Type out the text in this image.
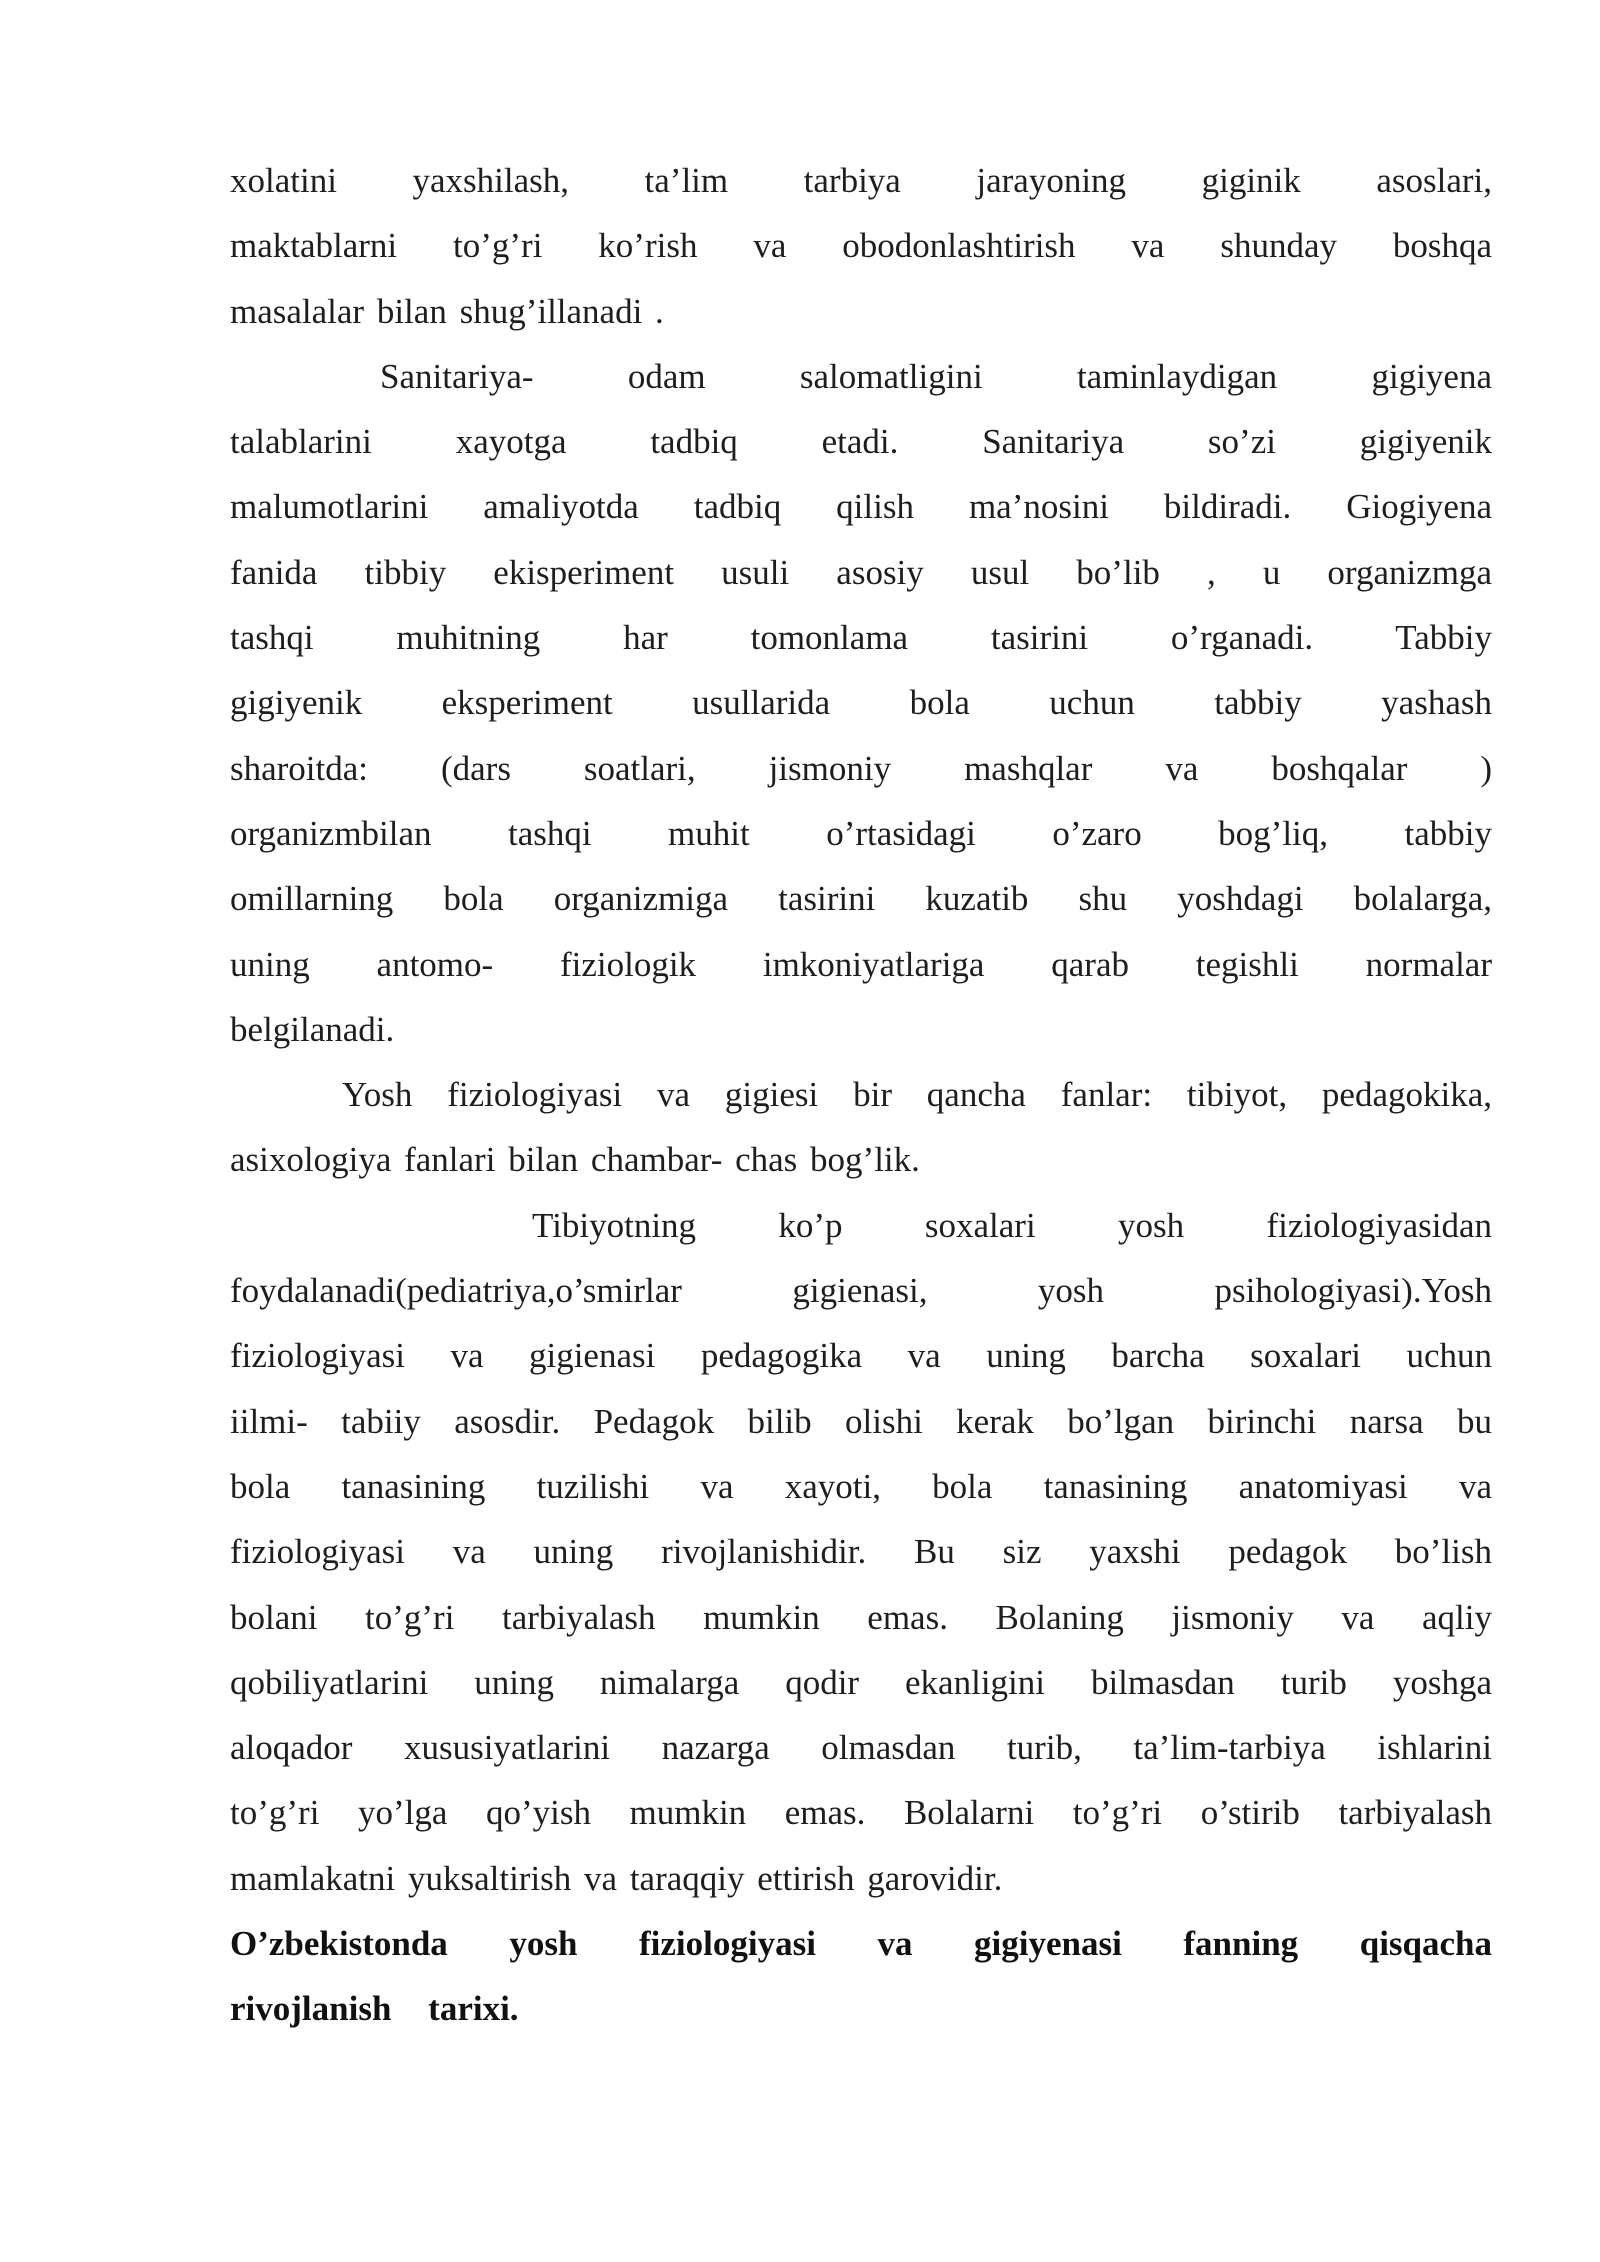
xolatini yaxshilash, ta’lim tarbiya jarayoning giginik asoslari,
maktablarni to’g’ri ko’rish va obodonlashtirish va shunday boshqa
masalalar bilan shug’illanadi .

Sanitariya- odam salomatligini taminlaydigan gigiyena
talablarini xayotga tadbiq etadi. Sanitariya so’zi gigiyenik
malumotlarini amaliyotda tadbiq qilish ma’nosini bildiradi. Giogiyena
fanida tibbiy ekisperiment usuli asosiy usul bo’lib , u organizmga
tashqi muhitning har tomonlama tasirini o’rganadi. Tabbiy
gigiyenik eksperiment usullarida bola uchun tabbiy yashash
sharoitda: (dars soatlari, jismoniy mashqlar va boshqalar )
organizmbilan tashqi muhit o’rtasidagi o’zaro bog’liq, tabbiy
omillarning bola organizmiga tasirini kuzatib shu yoshdagi bolalarga,
uning antomo- fiziologik imkoniyatlariga qarab tegishli normalar
belgilanadi.

Yosh fiziologiyasi va gigiesi bir qancha fanlar: tibiyot, pedagokika,
asixologiya fanlari bilan chambar- chas bog’lik.

Tibiyotning ko’p soxalari yosh fiziologiyasidan
foydalanadi(pediatriya,o’smirlar gigienasi, yosh psihologiyasi).Yosh
fiziologiyasi va gigienasi pedagogika va uning barcha soxalari uchun
iilmi- tabiiy asosdir. Pedagok bilib olishi kerak bo’lgan birinchi narsa bu
bola tanasining tuzilishi va xayoti, bola tanasining anatomiyasi va
fiziologiyasi va uning rivojlanishidir. Bu siz yaxshi pedagok bo’lish
bolani to’g’ri tarbiyalash mumkin emas. Bolaning jismoniy va aqliy
qobiliyatlarini uning nimalarga qodir ekanligini bilmasdan turib yoshga
aloqador xususiyatlarini nazarga olmasdan turib, ta’lim-tarbiya ishlarini
to’g’ri yo’lga qo’yish mumkin emas. Bolalarni to’g’ri o’stirib tarbiyalash
mamlakatni yuksaltirish va taraqqiy ettirish garovidir.

O’zbekistonda yosh fiziologiyasi va gigiyenasi fanning qisqacha
rivojlanish tarixi.
